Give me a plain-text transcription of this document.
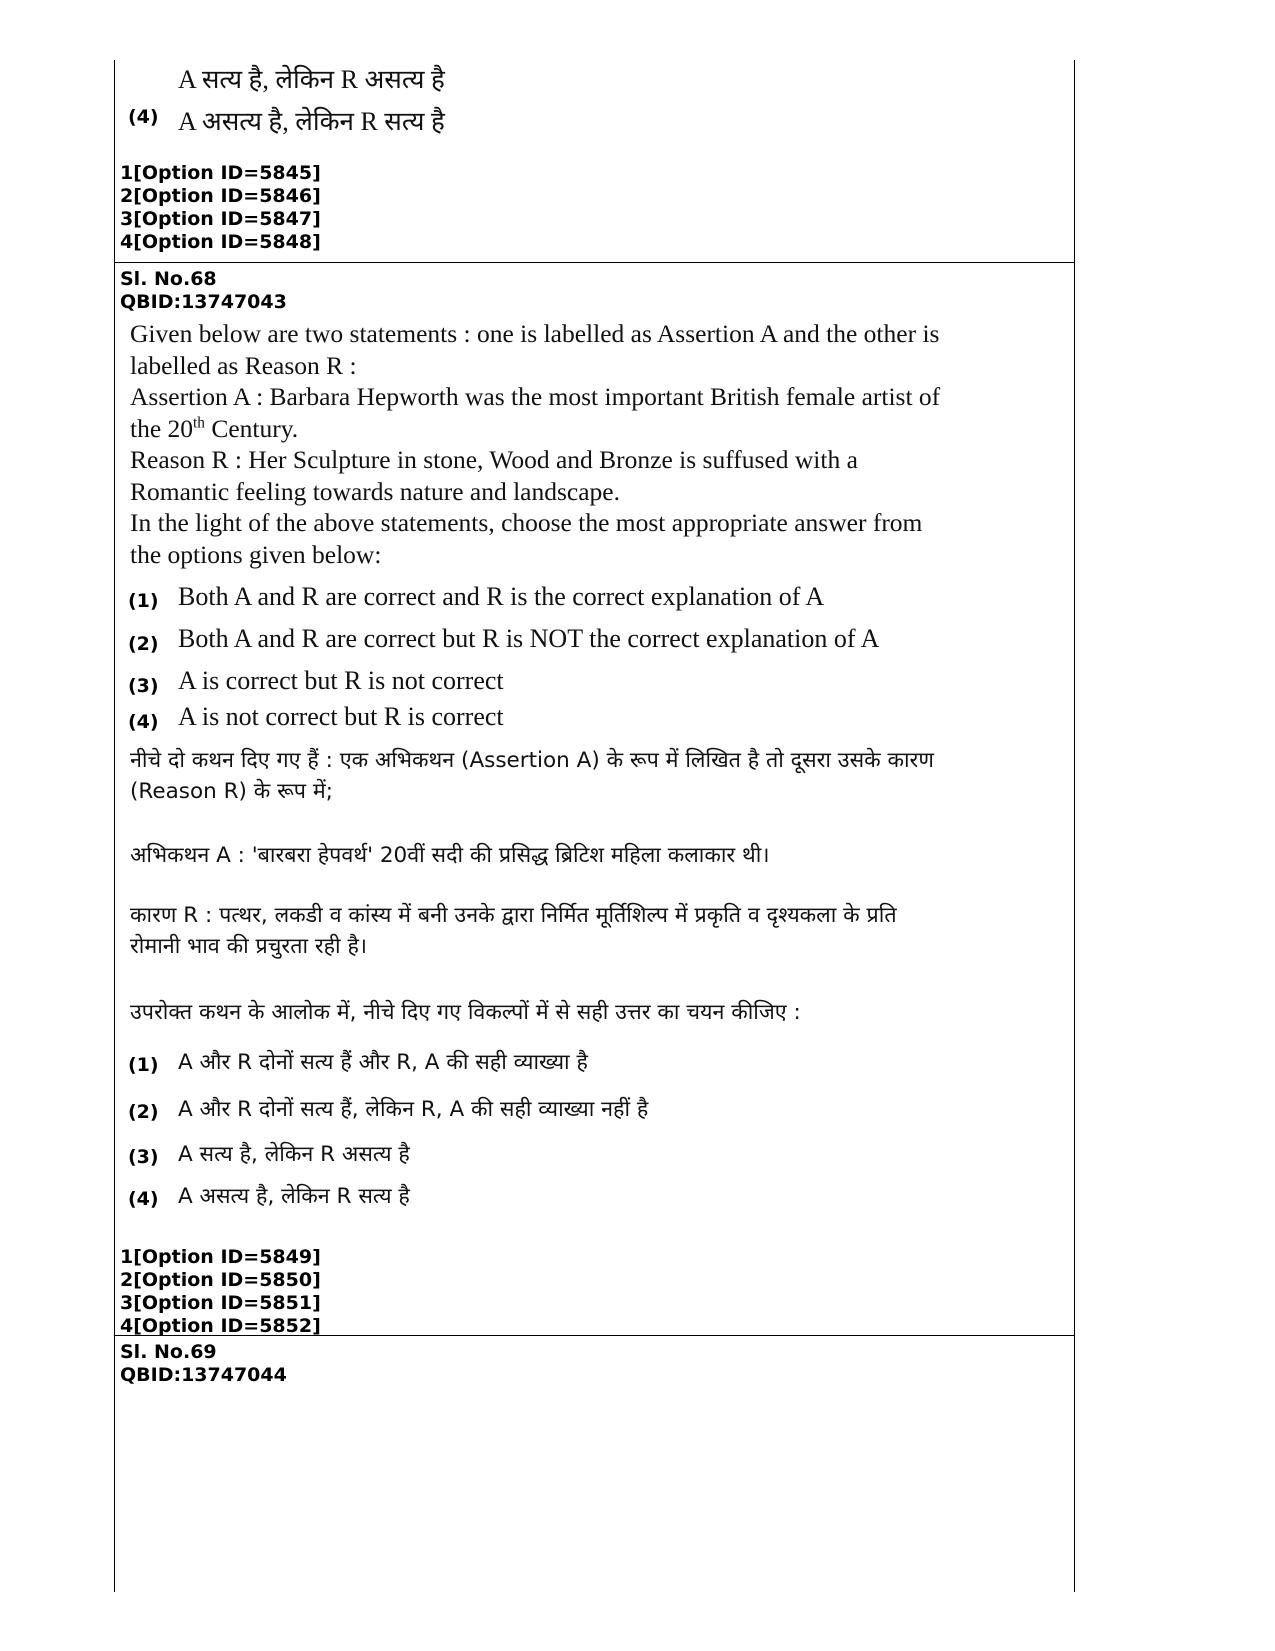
A सत्य है, लेकिन R असत्य है
(4) A असत्य है, लेकिन R सत्य है
1[Option ID=5845]
2[Option ID=5846]
3[Option ID=5847]
4[Option ID=5848]
Sl. No.68
QBID:13747043
Given below are two statements : one is labelled as Assertion A and the other is
labelled as Reason R :
Assertion A : Barbara Hepworth was the most important British female artist of
the 20th Century.
Reason R : Her Sculpture in stone, Wood and Bronze is suffused with a
Romantic feeling towards nature and landscape.
In the light of the above statements, choose the most appropriate answer from
the options given below:
(1) Both A and R are correct and R is the correct explanation of A
(2) Both A and R are correct but R is NOT the correct explanation of A
(3) A is correct but R is not correct
(4) A is not correct but R is correct
नीचे दो कथन दिए गए हैं : एक अभिकथन (Assertion A) के रूप में लिखित है तो दूसरा उसके कारण
(Reason R) के रूप में;
अभिकथन A : 'बारबरा हेपवर्थ' 20वीं सदी की प्रसिद्ध ब्रिटिश महिला कलाकार थी।
कारण R : पत्थर, लकडी व कांस्य में बनी उनके द्वारा निर्मित मूर्तिशिल्प में प्रकृति व दृश्यकला के प्रति
रोमानी भाव की प्रचुरता रही है।
उपरोक्त कथन के आलोक में, नीचे दिए गए विकल्पों में से सही उत्तर का चयन कीजिए :
(1) A और R दोनों सत्य हैं और R, A की सही व्याख्या है
(2) A और R दोनों सत्य हैं, लेकिन R, A की सही व्याख्या नहीं है
(3) A सत्य है, लेकिन R असत्य है
(4) A असत्य है, लेकिन R सत्य है
1[Option ID=5849]
2[Option ID=5850]
3[Option ID=5851]
4[Option ID=5852]
Sl. No.69
QBID:13747044
